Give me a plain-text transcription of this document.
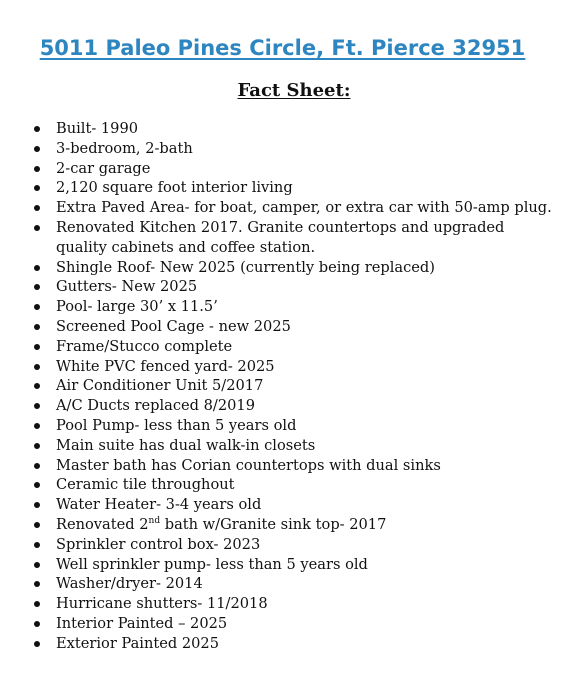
5011 Paleo Pines Circle, Ft. Pierce 32951
Fact Sheet:
Built- 1990
3-bedroom, 2-bath
2-car garage
2,120 square foot interior living
Extra Paved Area- for boat, camper, or extra car with 50-amp plug.
Renovated Kitchen 2017. Granite countertops and upgraded quality cabinets and coffee station.
Shingle Roof- New 2025 (currently being replaced)
Gutters- New 2025
Pool- large 30’ x 11.5’
Screened Pool Cage - new 2025
Frame/Stucco complete
White PVC fenced yard- 2025
Air Conditioner Unit 5/2017
A/C Ducts replaced 8/2019
Pool Pump- less than 5 years old
Main suite has dual walk-in closets
Master bath has Corian countertops with dual sinks
Ceramic tile throughout
Water Heater- 3-4 years old
Renovated 2nd bath w/Granite sink top- 2017
Sprinkler control box- 2023
Well sprinkler pump- less than 5 years old
Washer/dryer- 2014
Hurricane shutters- 11/2018
Interior Painted – 2025
Exterior Painted 2025
